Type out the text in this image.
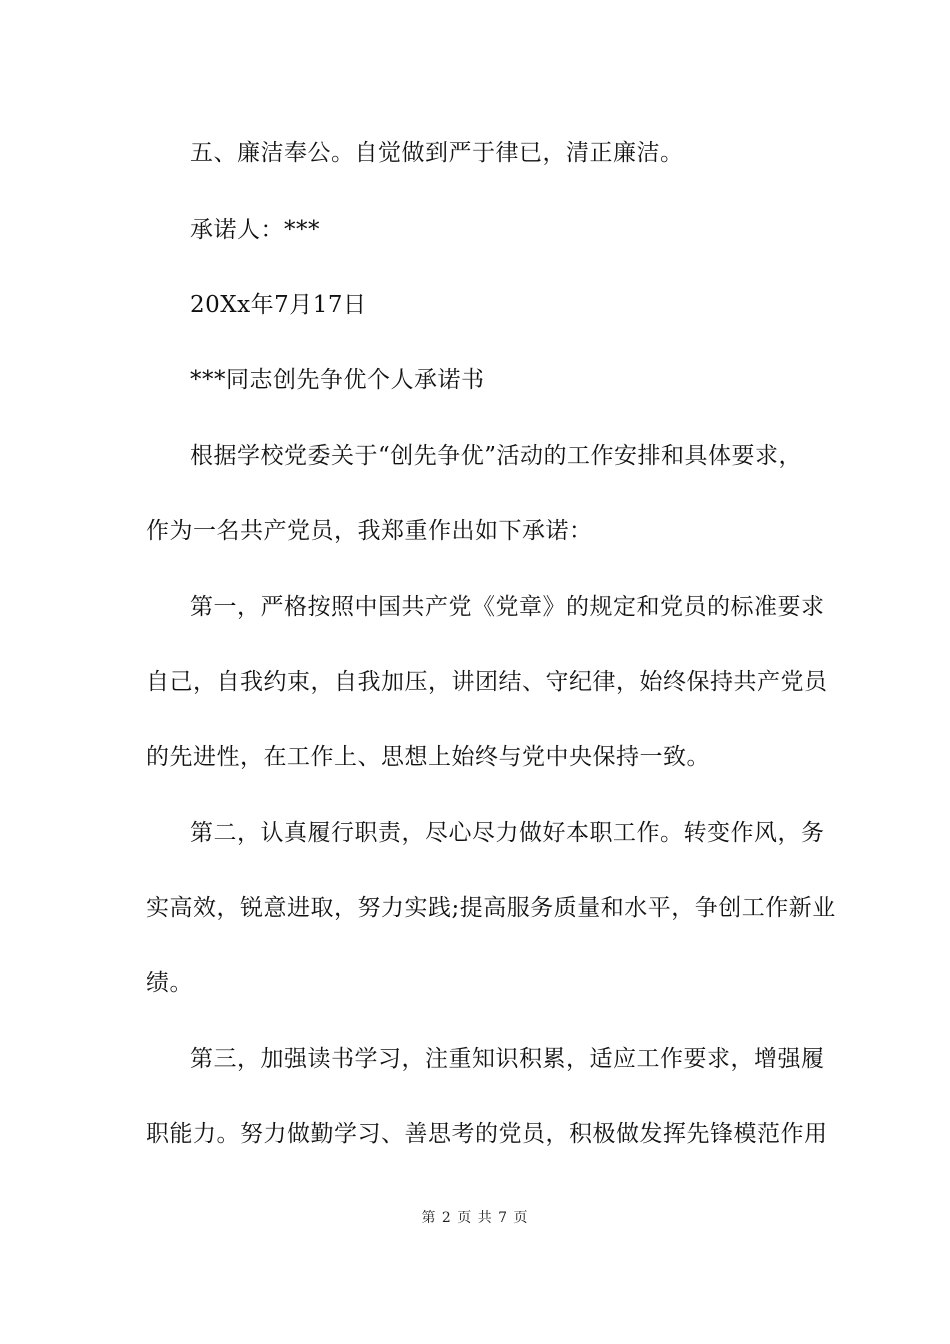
五、廉洁奉公。自觉做到严于律已，清正廉洁。
承诺人：***
20Xx年7月17日
***同志创先争优个人承诺书
根据学校党委关于“创先争优”活动的工作安排和具体要求，
作为一名共产党员，我郑重作出如下承诺：
第一，严格按照中国共产党《党章》的规定和党员的标准要求
自己，自我约束，自我加压，讲团结、守纪律，始终保持共产党员
的先进性，在工作上、思想上始终与党中央保持一致。
第二，认真履行职责，尽心尽力做好本职工作。转变作风，务
实高效，锐意进取，努力实践;提高服务质量和水平，争创工作新业
绩。
第三，加强读书学习，注重知识积累，适应工作要求，增强履
职能力。努力做勤学习、善思考的党员，积极做发挥先锋模范作用
第 2 页 共 7 页
